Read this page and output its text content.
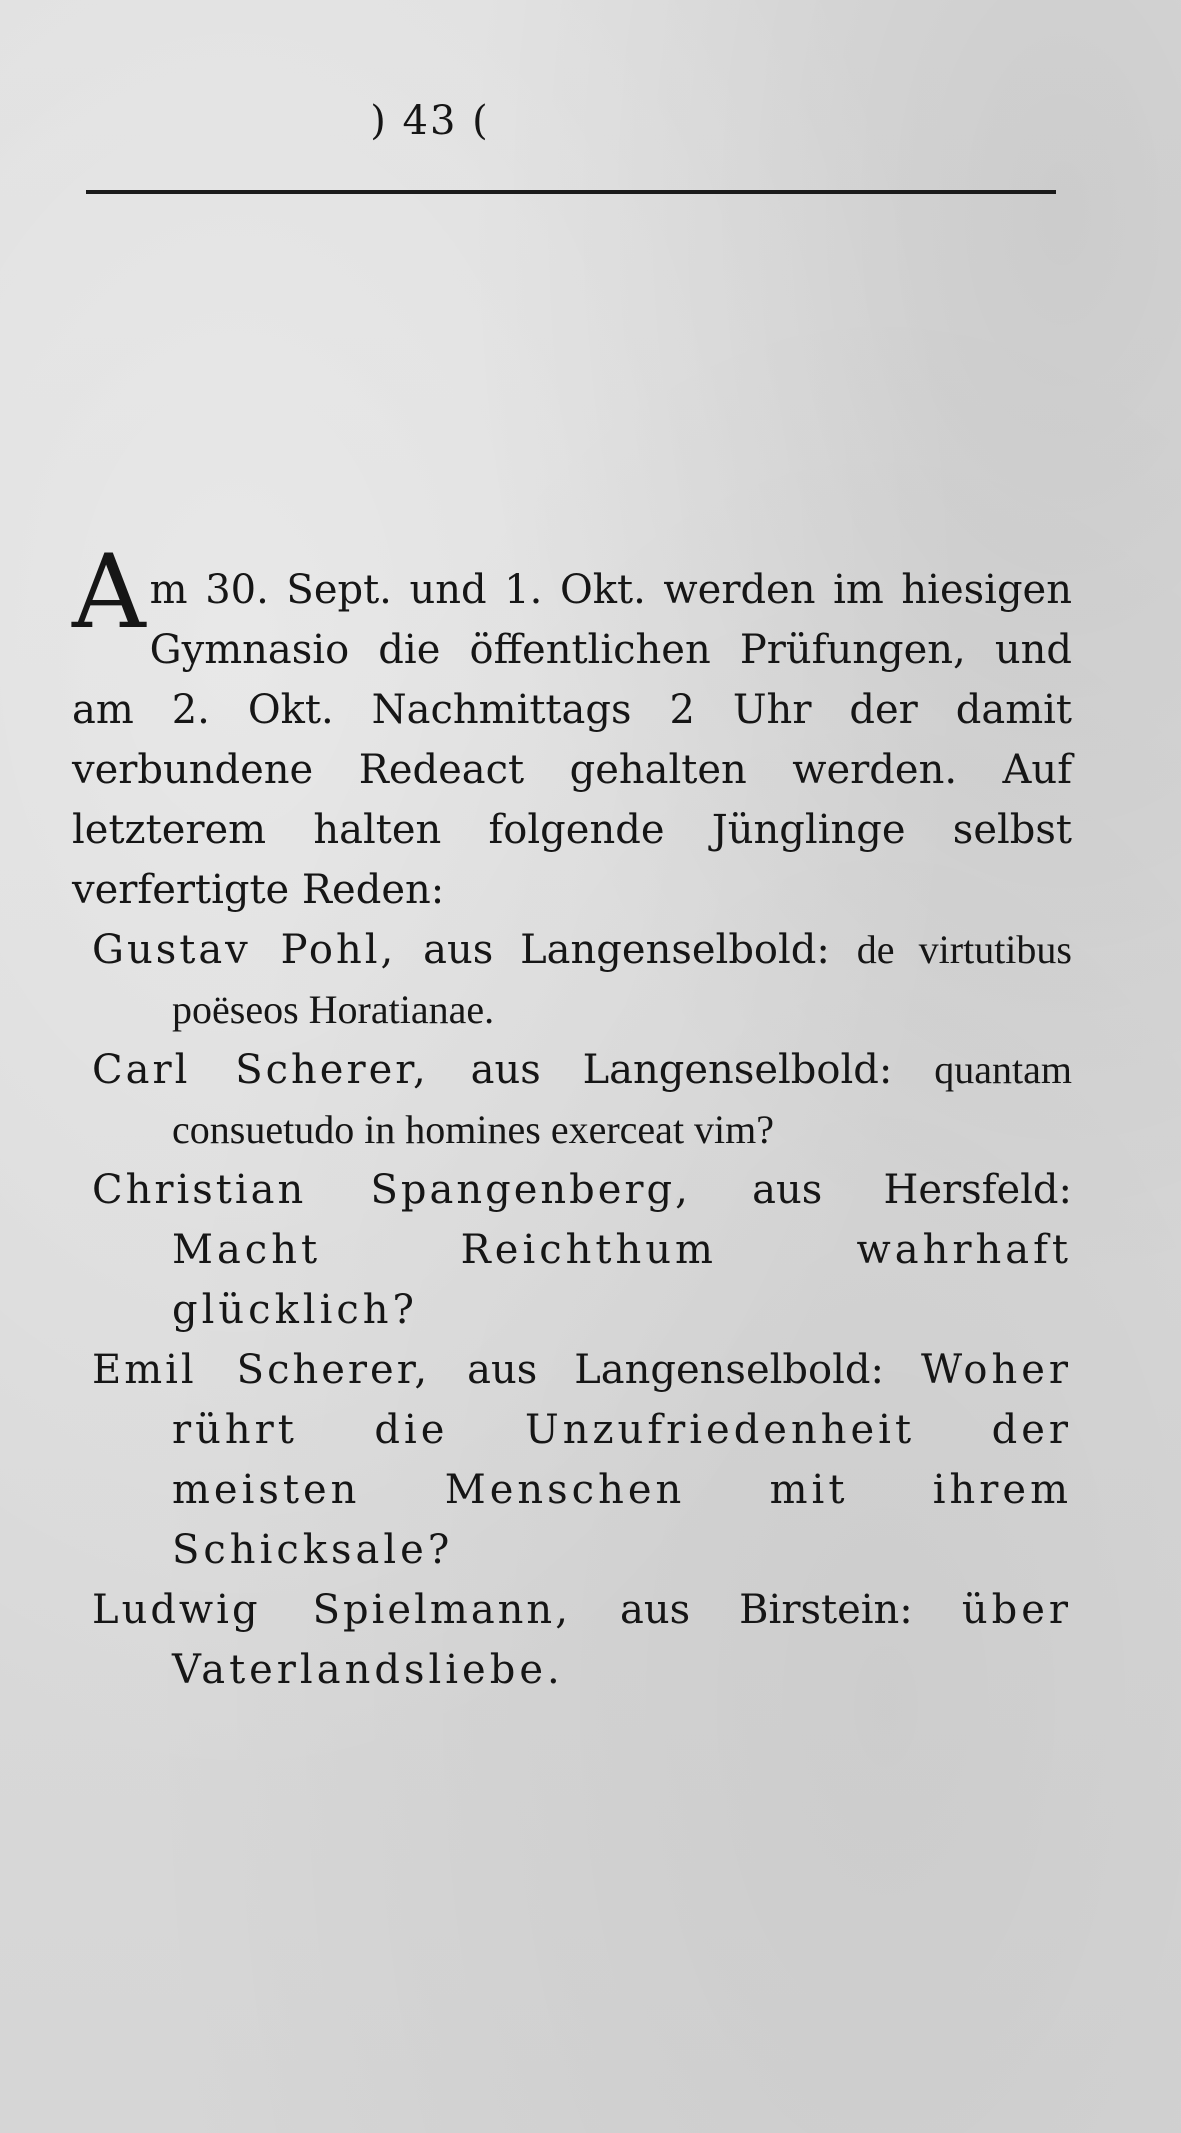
) 43 (

A m 30. Sept. und 1. Okt. werden im hiesigen Gymnasio die öffentlichen Prüfungen, und am 2. Okt. Nachmittags 2 Uhr der damit verbundene Redeact gehalten werden. Auf letzterem halten folgende Jünglinge selbst verfertigte Reden:

Gustav Pohl, aus Langenselbold: de virtutibus poëseos Horatianae.
Carl Scherer, aus Langenselbold: quantam consuetudo in homines exerceat vim?
Christian Spangenberg, aus Hersfeld: Macht Reichthum wahrhaft glücklich?
Emil Scherer, aus Langenselbold: Woher rührt die Unzufriedenheit der meisten Menschen mit ihrem Schicksale?
Ludwig Spielmann, aus Birstein: über Vaterlandsliebe.
